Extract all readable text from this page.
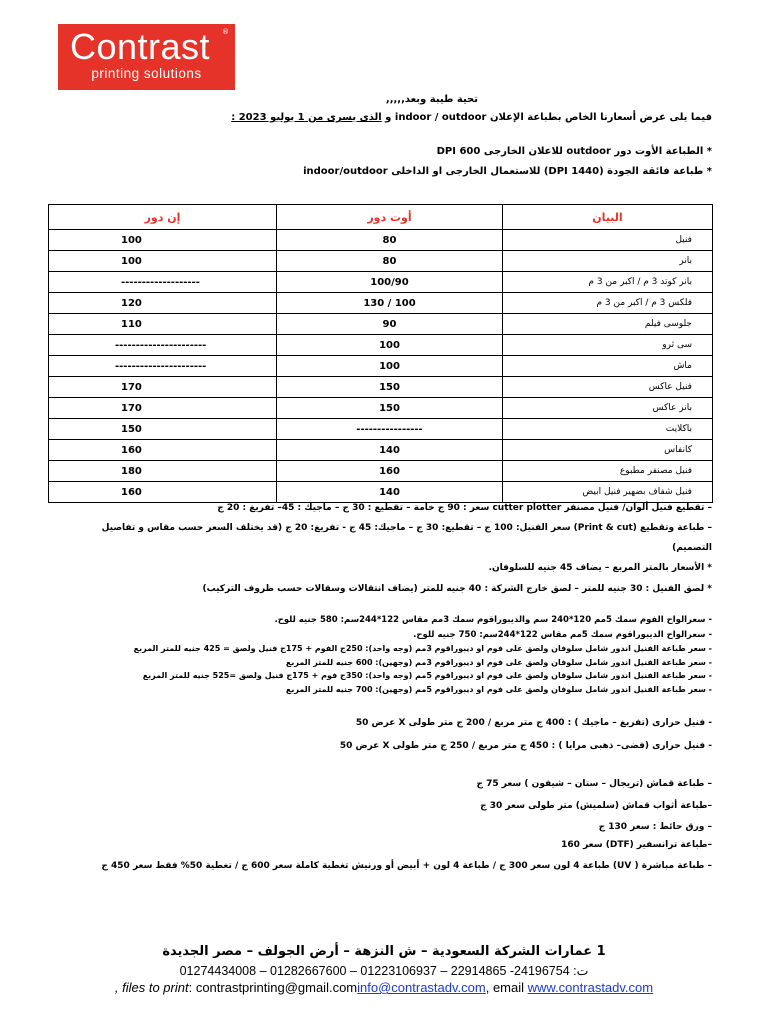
Contrast ®
printing solutions
تحية طيبة وبعد,,,,,
فيما يلى عرض أسعارنا الخاص بطباعة الإعلان indoor / outdoor و الذى يسرى من 1 يوليو 2023 :
* الطباعة الأوت دور outdoor للاعلان الخارجى 600 DPI
* طباعة فائقة الجودة (1440 DPI) للاستعمال الخارجى او الداخلى indoor/outdoor
البيان	أوت دور	إن دور
فنيل	80	100
بانر	80	100
بانر كوتد 3 م / اكبر من 3 م	100/90	-------------------
فلكس 3 م / اكبر من 3 م	100 / 130	120
جلوسى فيلم	90	110
سى ثرو	100	----------------------
ماش	100	----------------------
فنيل عاكس	150	170
بانر عاكس	150	170
باكلايت	----------------	150
كانفاس	140	160
فنيل مصنفر مطبوع	160	180
فنيل شفاف بضهير فنيل ابيض	140	160
– تقطيع فنيل ألوان/ فنيل مصنفر cutter plotter سعر : 90 ج خامة – تقطيع : 30 ج – ماجيك : 45– تفريغ : 20 ج
– طباعة وتقطيع (Print & cut) سعر الفنيل: 100 ج – تقطيع: 30 ج – ماجيك: 45 ج - تفريغ: 20 ج (قد يختلف السعر حسب مقاس و تفاصيل
التصميم)
* الأسعار بالمتر المربع – يضاف 45 جنيه للسلوفان.
* لصق الفنيل : 30 جنيه للمتر – لصق خارج الشركة : 40 جنيه للمتر (يضاف انتقالات وسقالات حسب ظروف التركيب)
- سعرالواح الفوم سمك 5مم 120*240 سم والديبوراقوم سمك 3مم مقاس 122*244سم: 580 جنيه للوح.
- سعرالواح الديبوراقوم سمك 5مم مقاس 122*244سم: 750 جنيه للوح.
- سعر طباعة الفنيل اندور شامل سلوفان ولصق على فوم او ديبوراقوم 3مم (وجه واحد): 250ج الفوم + 175ج فنيل ولصق = 425 جنيه للمتر المربع
- سعر طباعة الفنيل اندور شامل سلوفان ولصق على فوم او ديبوراقوم 3مم (وجهين): 600 جنيه للمتر المربع
- سعر طباعة الفنيل اندور شامل سلوفان ولصق على فوم او ديبوراقوم 5مم (وجه واحد): 350ج فوم + 175ج فنيل ولصق =525 جنيه للمتر المربع
- سعر طباعة الفنيل اندور شامل سلوفان ولصق على فوم او ديبوراقوم 5مم (وجهين): 700 جنيه للمتر المربع
- فنيل حرارى (تفريغ – ماجيك ) : 400 ج متر مربع / 200 ج متر طولى X عرض 50
- فنيل حرارى (فضى– ذهبى مرايا ) : 450 ج متر مربع / 250 ج متر طولى X عرض 50
– طباعة قماش (تريجال – ستان – شيفون ) سعر 75 ج
–طباعة أثواب قماش (سلميش) متر طولى سعر 30 ج
– ورق حائط : سعر 130 ج
–طباعة ترانسفير (DTF) سعر 160
– طباعة مباشرة ( UV) طباعة 4 لون سعر 300 ج / طباعة 4 لون + أبيض أو ورنيش تغطية كاملة سعر 600 ج / تغطية 50% فقط سعر 450 ج
1 عمارات الشركة السعودية – ش النزهة – أرض الجولف – مصر الجديدة
ت: 24196754- 22914865 – 01223106937 – 01282667600 – 01274434008
, files to print: contrastprinting@gmail.cominfo@contrastadv.com, email www.contrastadv.com
